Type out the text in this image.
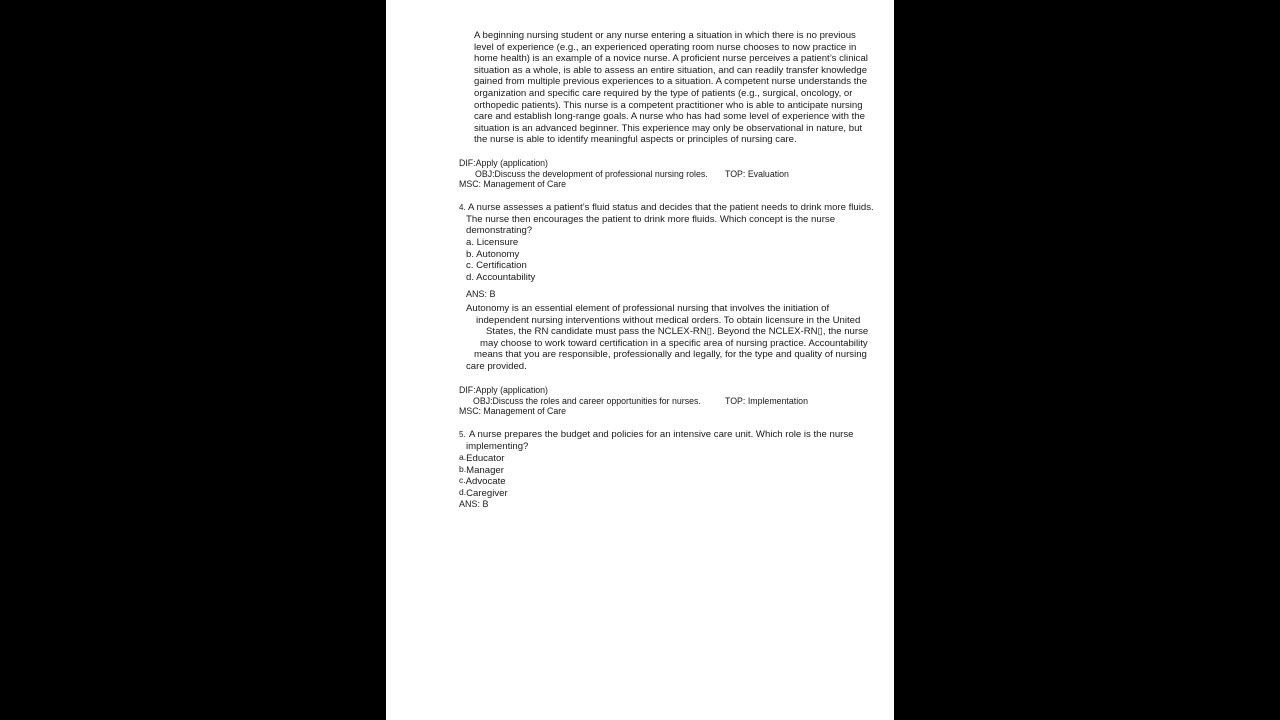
A beginning nursing student or any nurse entering a situation in which there is no previous
level of experience (e.g., an experienced operating room nurse chooses to now practice in
home health) is an example of a novice nurse. A proficient nurse perceives a patient’s clinical
situation as a whole, is able to assess an entire situation, and can readily transfer knowledge
gained from multiple previous experiences to a situation. A competent nurse understands the
organization and specific care required by the type of patients (e.g., surgical, oncology, or
orthopedic patients). This nurse is a competent practitioner who is able to anticipate nursing
care and establish long-range goals. A nurse who has had some level of experience with the
situation is an advanced beginner. This experience may only be observational in nature, but
the nurse is able to identify meaningful aspects or principles of nursing care.
DIF:Apply (application)
OBJ:Discuss the development of professional nursing roles. TOP: Evaluation
MSC: Management of Care
$^{4.}$ A nurse assesses a patient’s fluid status and decides that the patient needs to drink more fluids.
The nurse then encourages the patient to drink more fluids. Which concept is the nurse
demonstrating?
a. Licensure
b. Autonomy
c. Certification
d. Accountability
ANS: B
Autonomy is an essential element of professional nursing that involves the initiation of
independent nursing interventions without medical orders. To obtain licensure in the United
States, the RN candidate must pass the NCLEX-RN▯. Beyond the NCLEX-RN▯, the nurse
may choose to work toward certification in a specific area of nursing practice. Accountability
means that you are responsible, professionally and legally, for the type and quality of nursing
care provided.
DIF:Apply (application)
OBJ:Discuss the roles and career opportunities for nurses.	TOP: Implementation
MSC: Management of Care
$^{5.}$ A nurse prepares the budget and policies for an intensive care unit. Which role is the nurse
implementing?
a.Educator
b.Manager
c.Advocate
d.Caregiver
ANS: B
